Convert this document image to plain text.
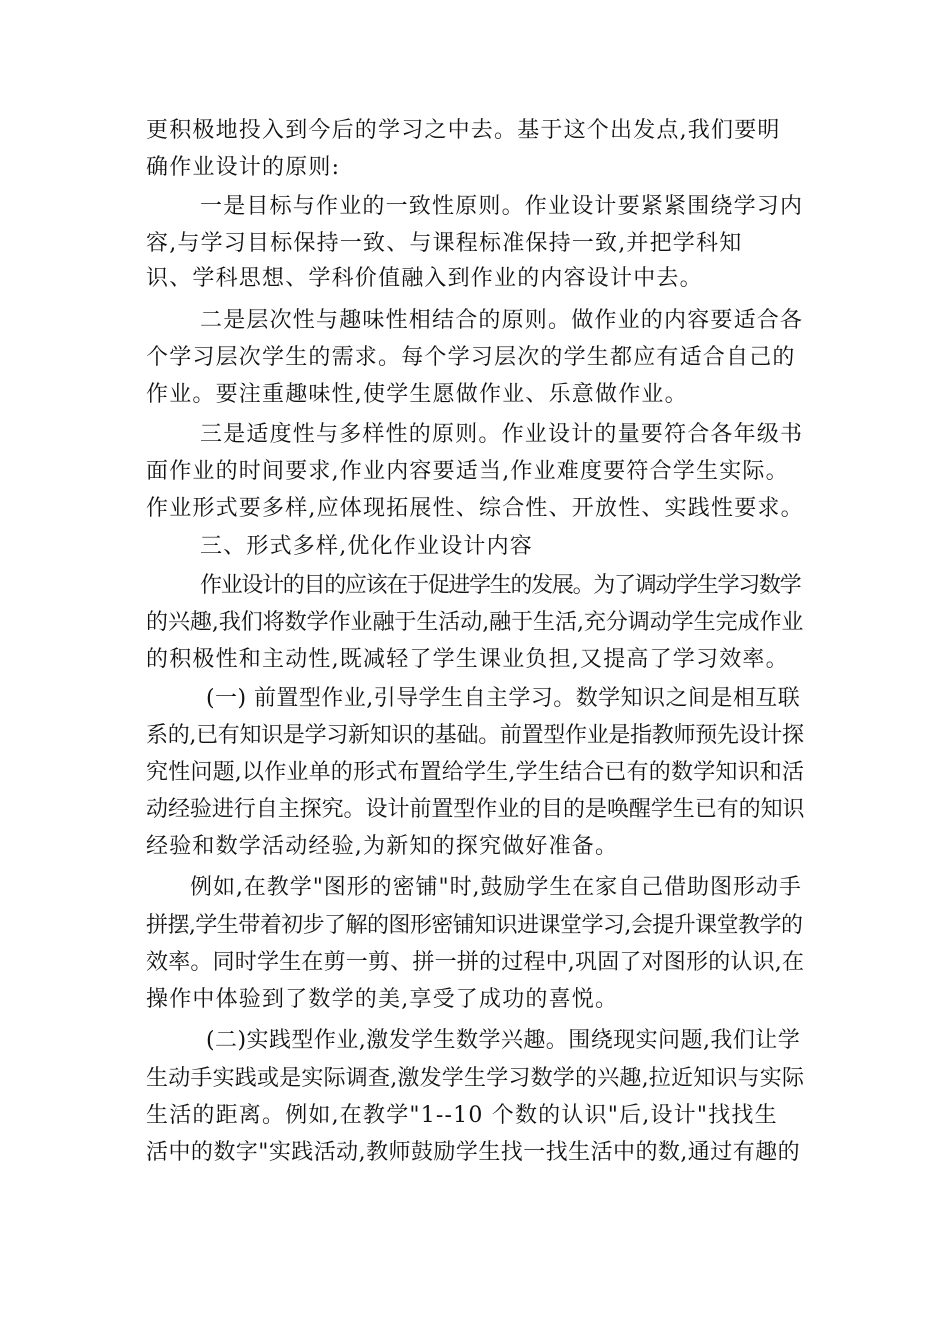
更积极地投入到今后的学习之中去。基于这个出发点,我们要明
确作业设计的原则:
一是目标与作业的一致性原则。作业设计要紧紧围绕学习内
容,与学习目标保持一致、与课程标准保持一致,并把学科知
识、学科思想、学科价值融入到作业的内容设计中去。
二是层次性与趣味性相结合的原则。做作业的内容要适合各
个学习层次学生的需求。每个学习层次的学生都应有适合自己的
作业。要注重趣味性,使学生愿做作业、乐意做作业。
三是适度性与多样性的原则。作业设计的量要符合各年级书
面作业的时间要求,作业内容要适当,作业难度要符合学生实际。
作业形式要多样,应体现拓展性、综合性、开放性、实践性要求。
三、形式多样,优化作业设计内容
作业设计的目的应该在于促进学生的发展。为了调动学生学习数学
的兴趣,我们将数学作业融于生活动,融于生活,充分调动学生完成作业
的积极性和主动性,既减轻了学生课业负担,又提高了学习效率。
(一) 前置型作业,引导学生自主学习。数学知识之间是相互联
系的,已有知识是学习新知识的基础。前置型作业是指教师预先设计探
究性问题,以作业单的形式布置给学生,学生结合已有的数学知识和活
动经验进行自主探究。设计前置型作业的目的是唤醒学生已有的知识
经验和数学活动经验,为新知的探究做好准备。
例如,在教学"图形的密铺"时,鼓励学生在家自己借助图形动手
拼摆,学生带着初步了解的图形密铺知识进课堂学习,会提升课堂教学的
效率。同时学生在剪一剪、拼一拼的过程中,巩固了对图形的认识,在
操作中体验到了数学的美,享受了成功的喜悦。
(二)实践型作业,激发学生数学兴趣。围绕现实问题,我们让学
生动手实践或是实际调查,激发学生学习数学的兴趣,拉近知识与实际
生活的距离。例如,在教学"1--10 个数的认识"后,设计"找找生
活中的数字"实践活动,教师鼓励学生找一找生活中的数,通过有趣的
